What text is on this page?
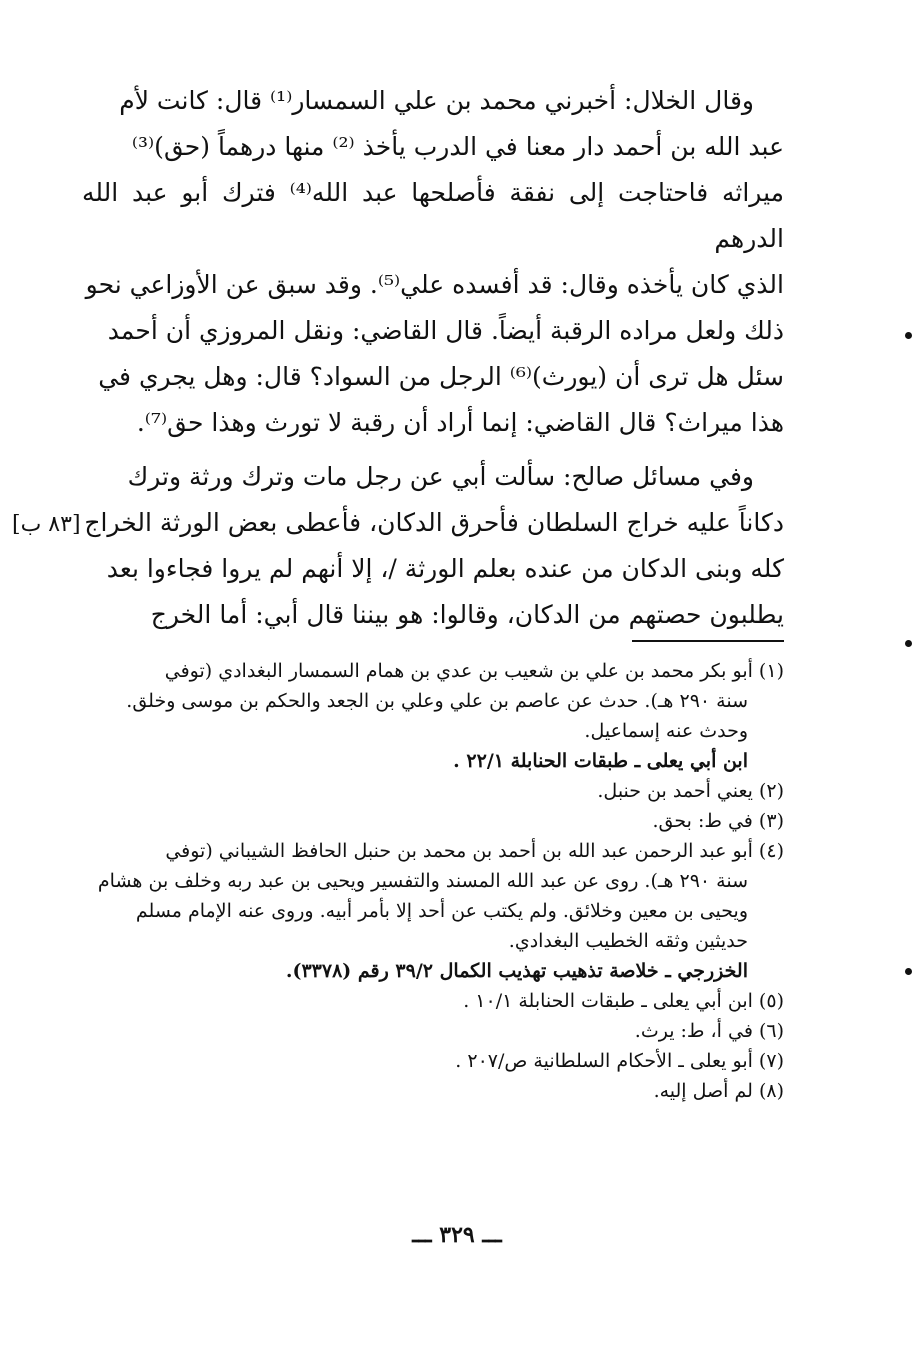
وقال الخلال: أخبرني محمد بن علي السمسار⁽¹⁾ قال: كانت لأم

عبد الله بن أحمد دار معنا في الدرب يأخذ ⁽²⁾ منها درهماً (حق)⁽³⁾

ميراثه فاحتاجت إلى نفقة فأصلحها عبد الله⁽⁴⁾ فترك أبو عبد الله الدرهم

الذي كان يأخذه وقال: قد أفسده علي⁽⁵⁾. وقد سبق عن الأوزاعي نحو

ذلك ولعل مراده الرقبة أيضاً. قال القاضي: ونقل المروزي أن أحمد

سئل هل ترى أن (يورث)⁽⁶⁾ الرجل من السواد؟ قال: وهل يجري في

هذا ميراث؟ قال القاضي: إنما أراد أن رقبة لا تورث وهذا حق⁽⁷⁾.

وفي مسائل صالح: سألت أبي عن رجل مات وترك ورثة وترك

دكاناً عليه خراج السلطان فأحرق الدكان، فأعطى بعض الورثة الخراج

كله وبنى الدكان من عنده بعلم الورثة /، إلا أنهم لم يروا فجاءوا بعد

يطلبون حصتهم من الدكان، وقالوا: هو بيننا قال أبي: أما الخرج

[٨٣ ب]

(١) أبو بكر محمد بن علي بن شعيب بن عدي بن همام السمسار البغدادي (توفي

سنة ٢٩٠ هـ). حدث عن عاصم بن علي وعلي بن الجعد والحكم بن موسى وخلق.

وحدث عنه إسماعيل.

ابن أبي يعلى ـ طبقات الحنابلة ٢٢/١ .

(٢) يعني أحمد بن حنبل.

(٣) في ط: بحق.

(٤) أبو عبد الرحمن عبد الله بن أحمد بن محمد بن حنبل الحافظ الشيباني (توفي

سنة ٢٩٠ هـ). روى عن عبد الله المسند والتفسير ويحيى بن عبد ربه وخلف بن هشام

ويحيى بن معين وخلائق. ولم يكتب عن أحد إلا بأمر أبيه. وروى عنه الإمام مسلم

حديثين وثقه الخطيب البغدادي.

الخزرجي ـ خلاصة تذهيب تهذيب الكمال ٣٩/٢ رقم (٣٣٧٨).

(٥) ابن أبي يعلى ـ طبقات الحنابلة ١٠/١ .

(٦) في أ، ط: يرث.

(٧) أبو يعلى ـ الأحكام السلطانية ص/٢٠٧ .

(٨) لم أصل إليه.

ـــ ٣٢٩ ـــ
